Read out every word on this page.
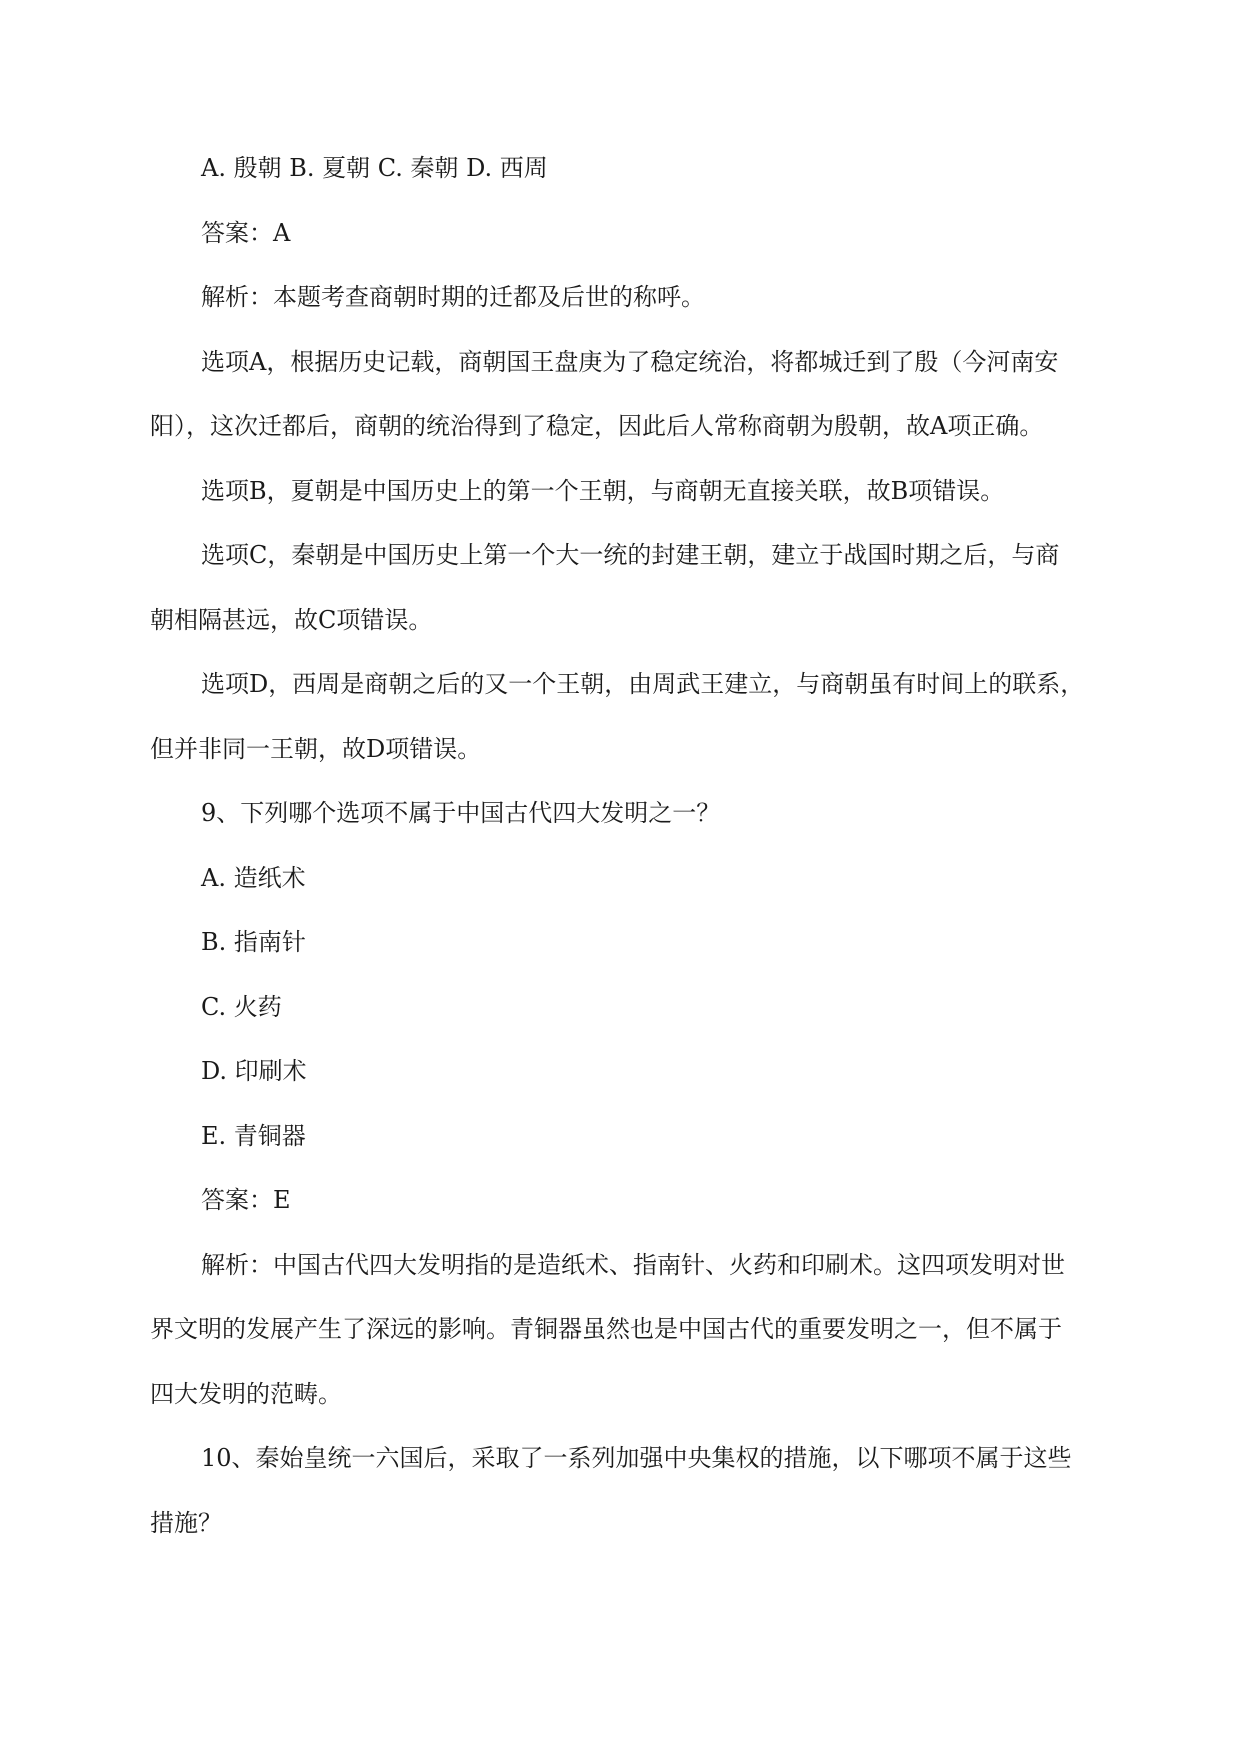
A. 殷朝 B. 夏朝 C. 秦朝 D. 西周

答案：A

解析：本题考查商朝时期的迁都及后世的称呼。

选项A，根据历史记载，商朝国王盘庚为了稳定统治，将都城迁到了殷（今河南安
阳），这次迁都后，商朝的统治得到了稳定，因此后人常称商朝为殷朝，故A项正确。

选项B，夏朝是中国历史上的第一个王朝，与商朝无直接关联，故B项错误。

选项C，秦朝是中国历史上第一个大一统的封建王朝，建立于战国时期之后，与商
朝相隔甚远，故C项错误。

选项D，西周是商朝之后的又一个王朝，由周武王建立，与商朝虽有时间上的联系，
但并非同一王朝，故D项错误。

9、下列哪个选项不属于中国古代四大发明之一？

A. 造纸术

B. 指南针

C. 火药

D. 印刷术

E. 青铜器

答案：E

解析：中国古代四大发明指的是造纸术、指南针、火药和印刷术。这四项发明对世
界文明的发展产生了深远的影响。青铜器虽然也是中国古代的重要发明之一，但不属于
四大发明的范畴。

10、秦始皇统一六国后，采取了一系列加强中央集权的措施，以下哪项不属于这些
措施？
